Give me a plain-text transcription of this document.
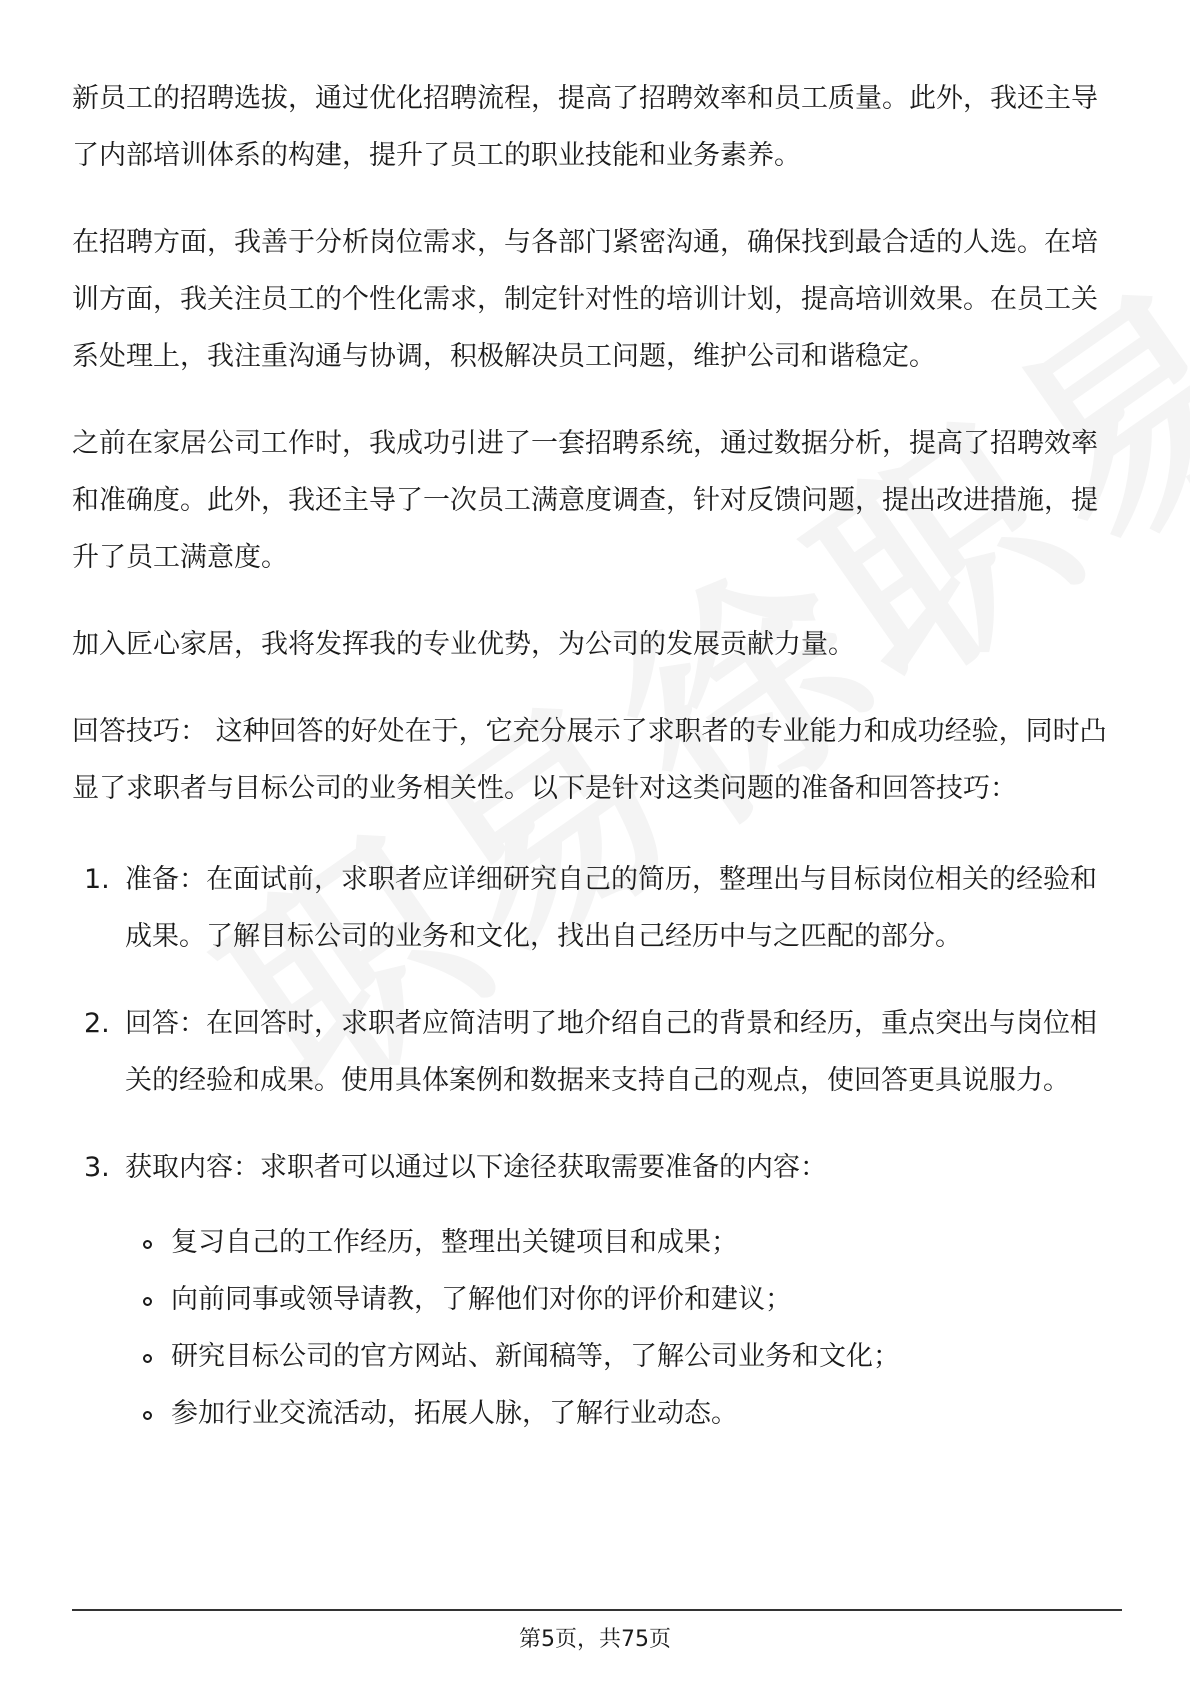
新员工的招聘选拔，通过优化招聘流程，提高了招聘效率和员工质量。此外，我还主导了内部培训体系的构建，提升了员工的职业技能和业务素养。

在招聘方面，我善于分析岗位需求，与各部门紧密沟通，确保找到最合适的人选。在培训方面，我关注员工的个性化需求，制定针对性的培训计划，提高培训效果。在员工关系处理上，我注重沟通与协调，积极解决员工问题，维护公司和谐稳定。

之前在家居公司工作时，我成功引进了一套招聘系统，通过数据分析，提高了招聘效率和准确度。此外，我还主导了一次员工满意度调查，针对反馈问题，提出改进措施，提升了员工满意度。

加入匠心家居，我将发挥我的专业优势，为公司的发展贡献力量。

回答技巧： 这种回答的好处在于，它充分展示了求职者的专业能力和成功经验，同时凸显了求职者与目标公司的业务相关性。以下是针对这类问题的准备和回答技巧：

1. 准备：在面试前，求职者应详细研究自己的简历，整理出与目标岗位相关的经验和成果。了解目标公司的业务和文化，找出自己经历中与之匹配的部分。
2. 回答：在回答时，求职者应简洁明了地介绍自己的背景和经历，重点突出与岗位相关的经验和成果。使用具体案例和数据来支持自己的观点，使回答更具说服力。
3. 获取内容：求职者可以通过以下途径获取需要准备的内容：
复习自己的工作经历，整理出关键项目和成果；
向前同事或领导请教，了解他们对你的评价和建议；
研究目标公司的官方网站、新闻稿等，了解公司业务和文化；
参加行业交流活动，拓展人脉，了解行业动态。
第5页，共75页
